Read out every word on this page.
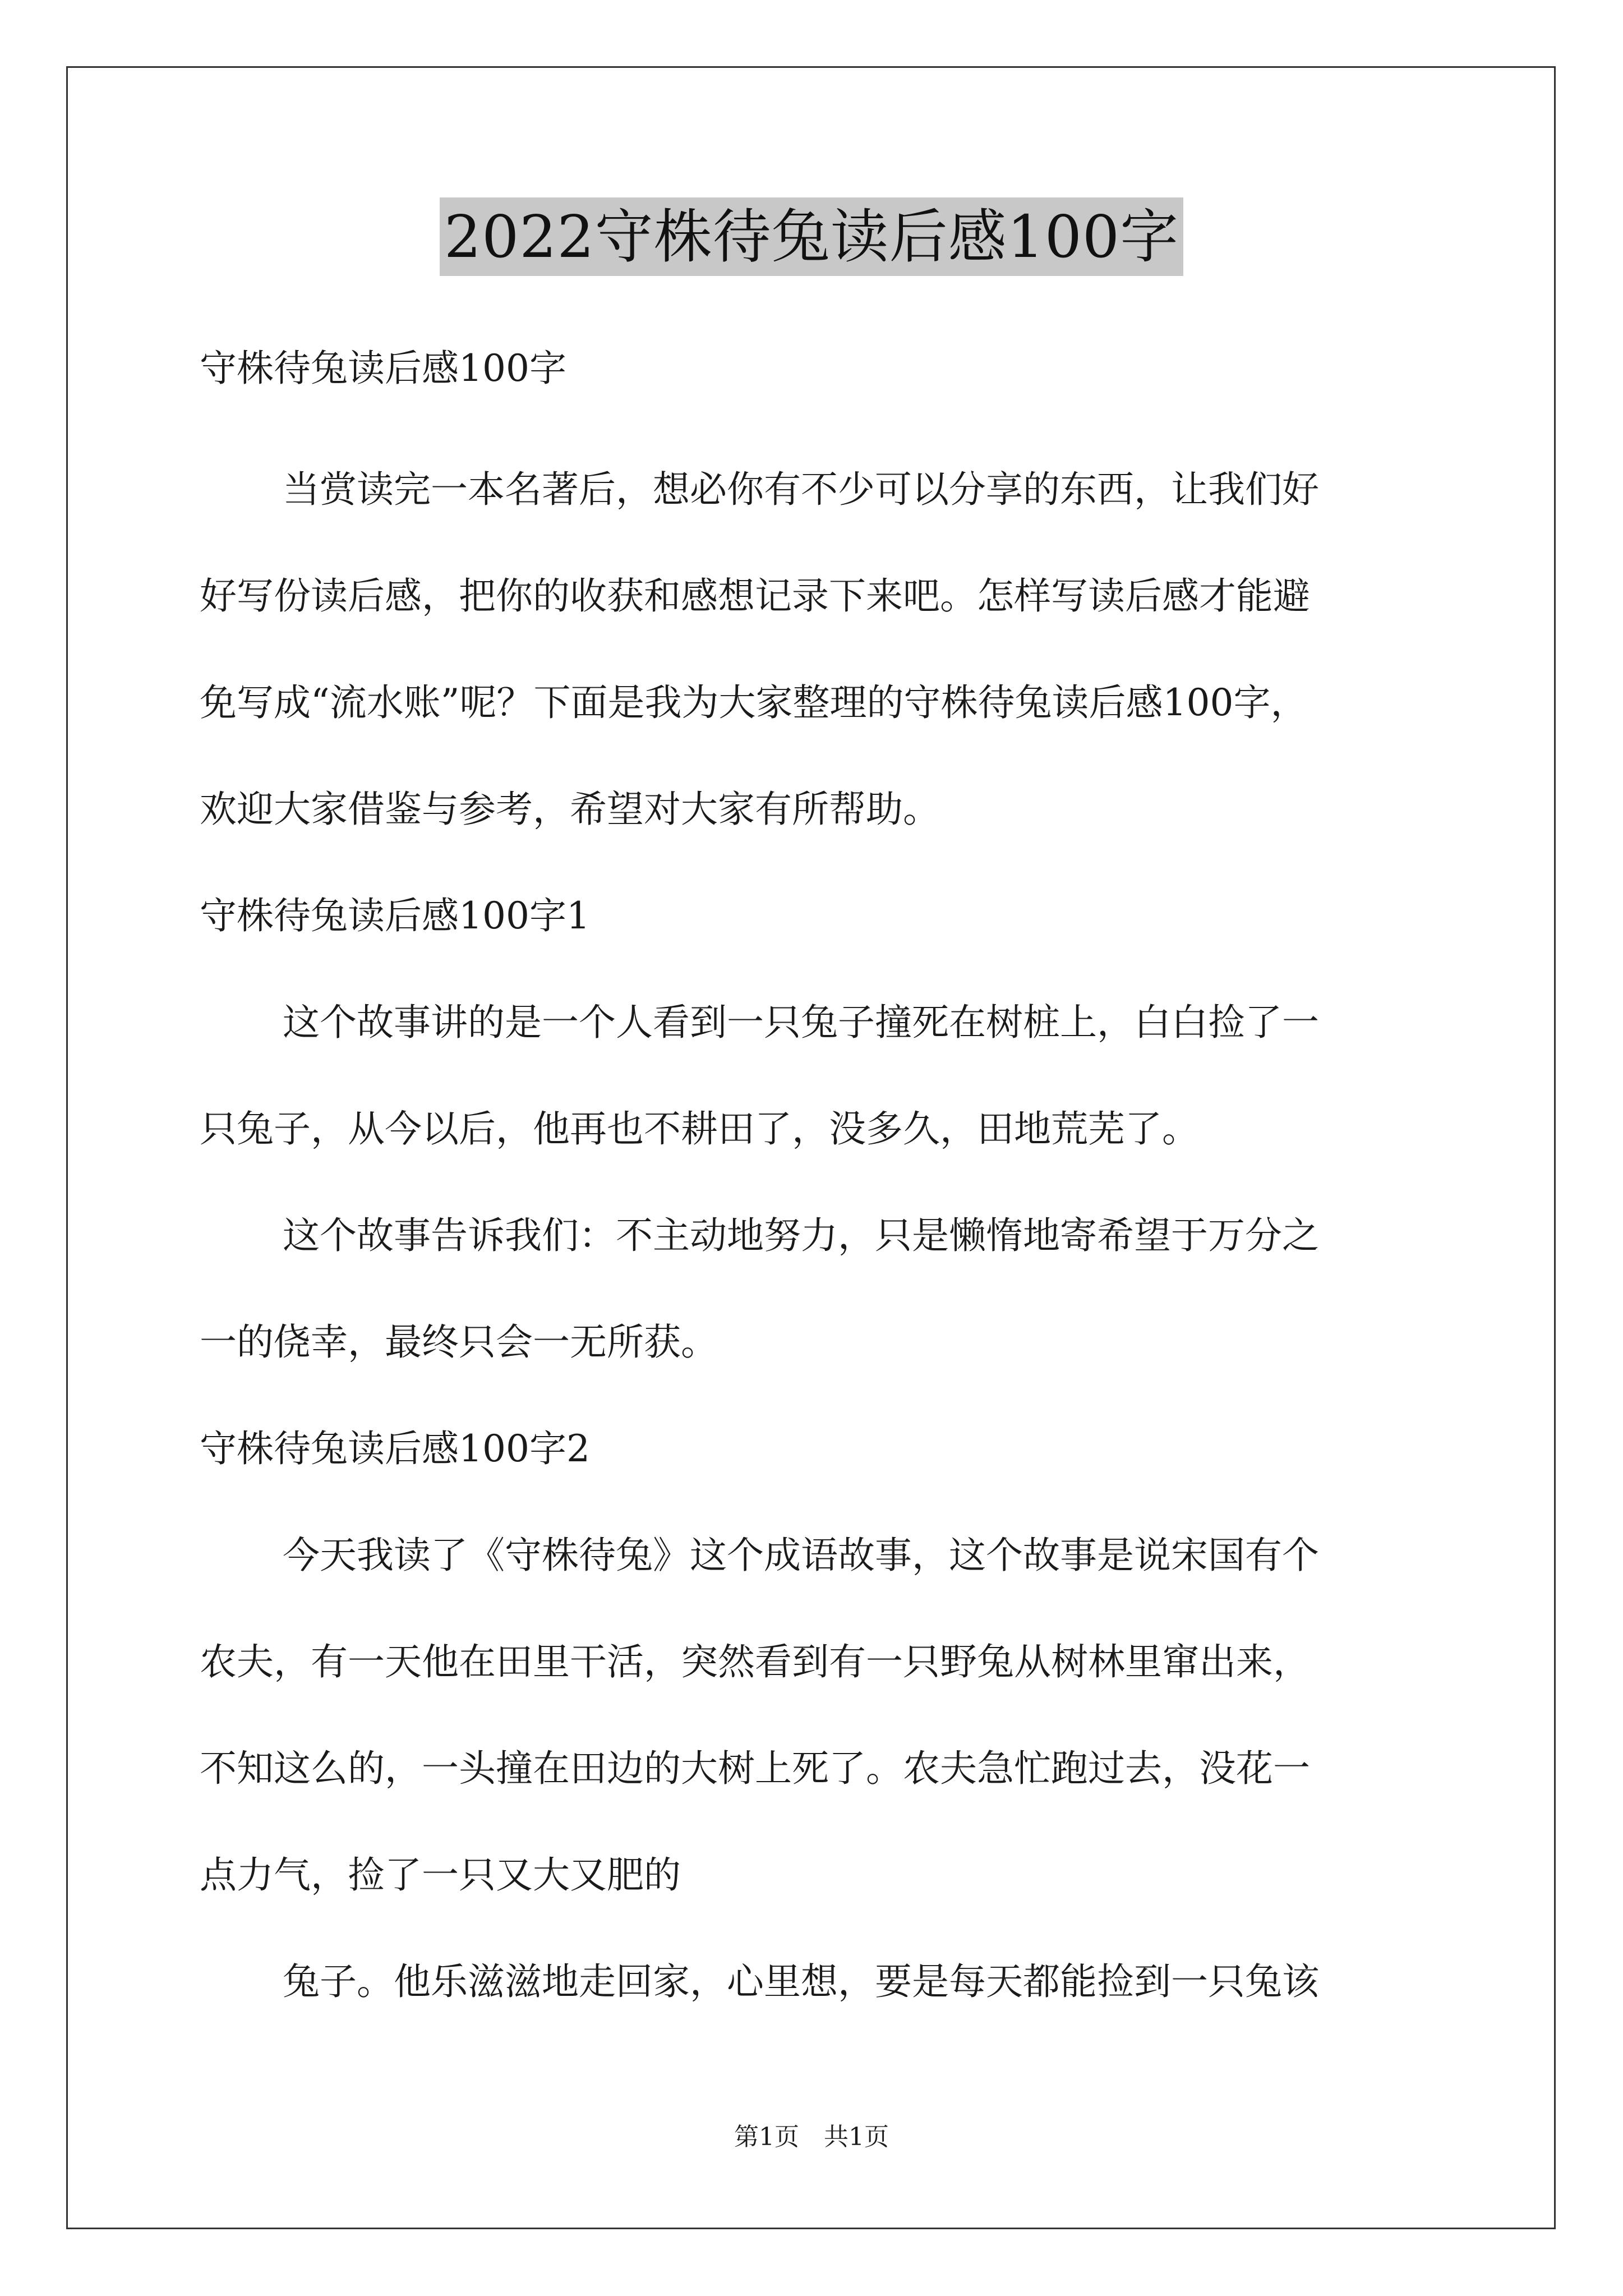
2022守株待兔读后感100字
守株待兔读后感100字
当赏读完一本名著后，想必你有不少可以分享的东西，让我们好
好写份读后感，把你的收获和感想记录下来吧。怎样写读后感才能避
免写成“流水账”呢？下面是我为大家整理的守株待兔读后感100字，
欢迎大家借鉴与参考，希望对大家有所帮助。
守株待兔读后感100字1
这个故事讲的是一个人看到一只兔子撞死在树桩上，白白捡了一
只兔子，从今以后，他再也不耕田了，没多久，田地荒芜了。
这个故事告诉我们：不主动地努力，只是懒惰地寄希望于万分之
一的侥幸，最终只会一无所获。
守株待兔读后感100字2
今天我读了《守株待兔》这个成语故事，这个故事是说宋国有个
农夫，有一天他在田里干活，突然看到有一只野兔从树林里窜出来，
不知这么的，一头撞在田边的大树上死了。农夫急忙跑过去，没花一
点力气，捡了一只又大又肥的
兔子。他乐滋滋地走回家，心里想，要是每天都能捡到一只兔该
第1页 共1页
